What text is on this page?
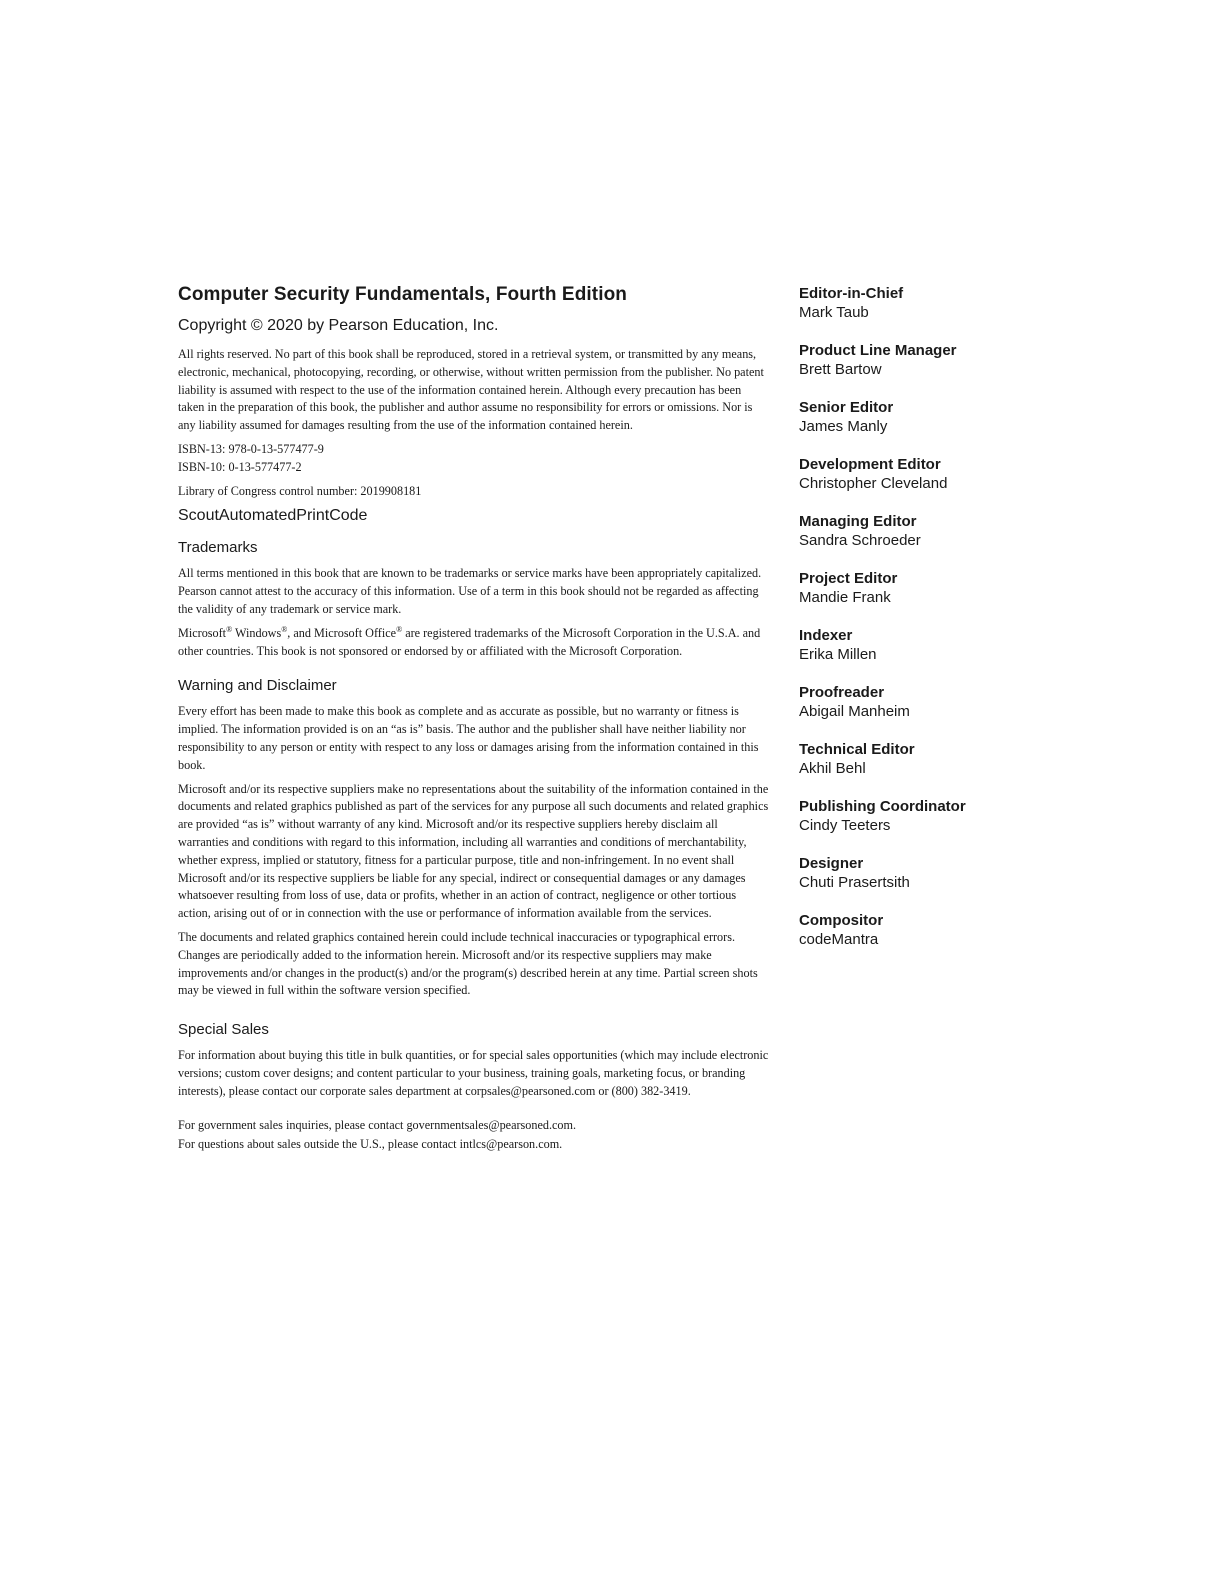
Computer Security Fundamentals, Fourth Edition
Copyright © 2020 by Pearson Education, Inc.

All rights reserved. No part of this book shall be reproduced, stored in a retrieval system, or transmitted by any means, electronic, mechanical, photocopying, recording, or otherwise, without written permission from the publisher. No patent liability is assumed with respect to the use of the information contained herein. Although every precaution has been taken in the preparation of this book, the publisher and author assume no responsibility for errors or omissions. Nor is any liability assumed for damages resulting from the use of the information contained herein.

ISBN-13: 978-0-13-577477-9
ISBN-10: 0-13-577477-2

Library of Congress control number: 2019908181

ScoutAutomatedPrintCode
Trademarks

All terms mentioned in this book that are known to be trademarks or service marks have been appropriately capitalized. Pearson cannot attest to the accuracy of this information. Use of a term in this book should not be regarded as affecting the validity of any trademark or service mark.

Microsoft® Windows®, and Microsoft Office® are registered trademarks of the Microsoft Corporation in the U.S.A. and other countries. This book is not sponsored or endorsed by or affiliated with the Microsoft Corporation.

Warning and Disclaimer

Every effort has been made to make this book as complete and as accurate as possible, but no warranty or fitness is implied. The information provided is on an “as is” basis. The author and the publisher shall have neither liability nor responsibility to any person or entity with respect to any loss or damages arising from the information contained in this book.

Microsoft and/or its respective suppliers make no representations about the suitability of the information contained in the documents and related graphics published as part of the services for any purpose all such documents and related graphics are provided “as is” without warranty of any kind. Microsoft and/or its respective suppliers hereby disclaim all warranties and conditions with regard to this information, including all warranties and conditions of merchantability, whether express, implied or statutory, fitness for a particular purpose, title and non-infringement. In no event shall Microsoft and/or its respective suppliers be liable for any special, indirect or consequential damages or any damages whatsoever resulting from loss of use, data or profits, whether in an action of contract, negligence or other tortious action, arising out of or in connection with the use or performance of information available from the services.

The documents and related graphics contained herein could include technical inaccuracies or typographical errors. Changes are periodically added to the information herein. Microsoft and/or its respective suppliers may make improvements and/or changes in the product(s) and/or the program(s) described herein at any time. Partial screen shots may be viewed in full within the software version specified.

Special Sales

For information about buying this title in bulk quantities, or for special sales opportunities (which may include electronic versions; custom cover designs; and content particular to your business, training goals, marketing focus, or branding interests), please contact our corporate sales department at corpsales@pearsoned.com or (800) 382-3419.

For government sales inquiries, please contact governmentsales@pearsoned.com.
For questions about sales outside the U.S., please contact intlcs@pearson.com.
Editor-in-Chief
Mark Taub
Product Line Manager
Brett Bartow
Senior Editor
James Manly
Development Editor
Christopher Cleveland
Managing Editor
Sandra Schroeder
Project Editor
Mandie Frank
Indexer
Erika Millen
Proofreader
Abigail Manheim
Technical Editor
Akhil Behl
Publishing Coordinator
Cindy Teeters
Designer
Chuti Prasertsith
Compositor
codeMantra
